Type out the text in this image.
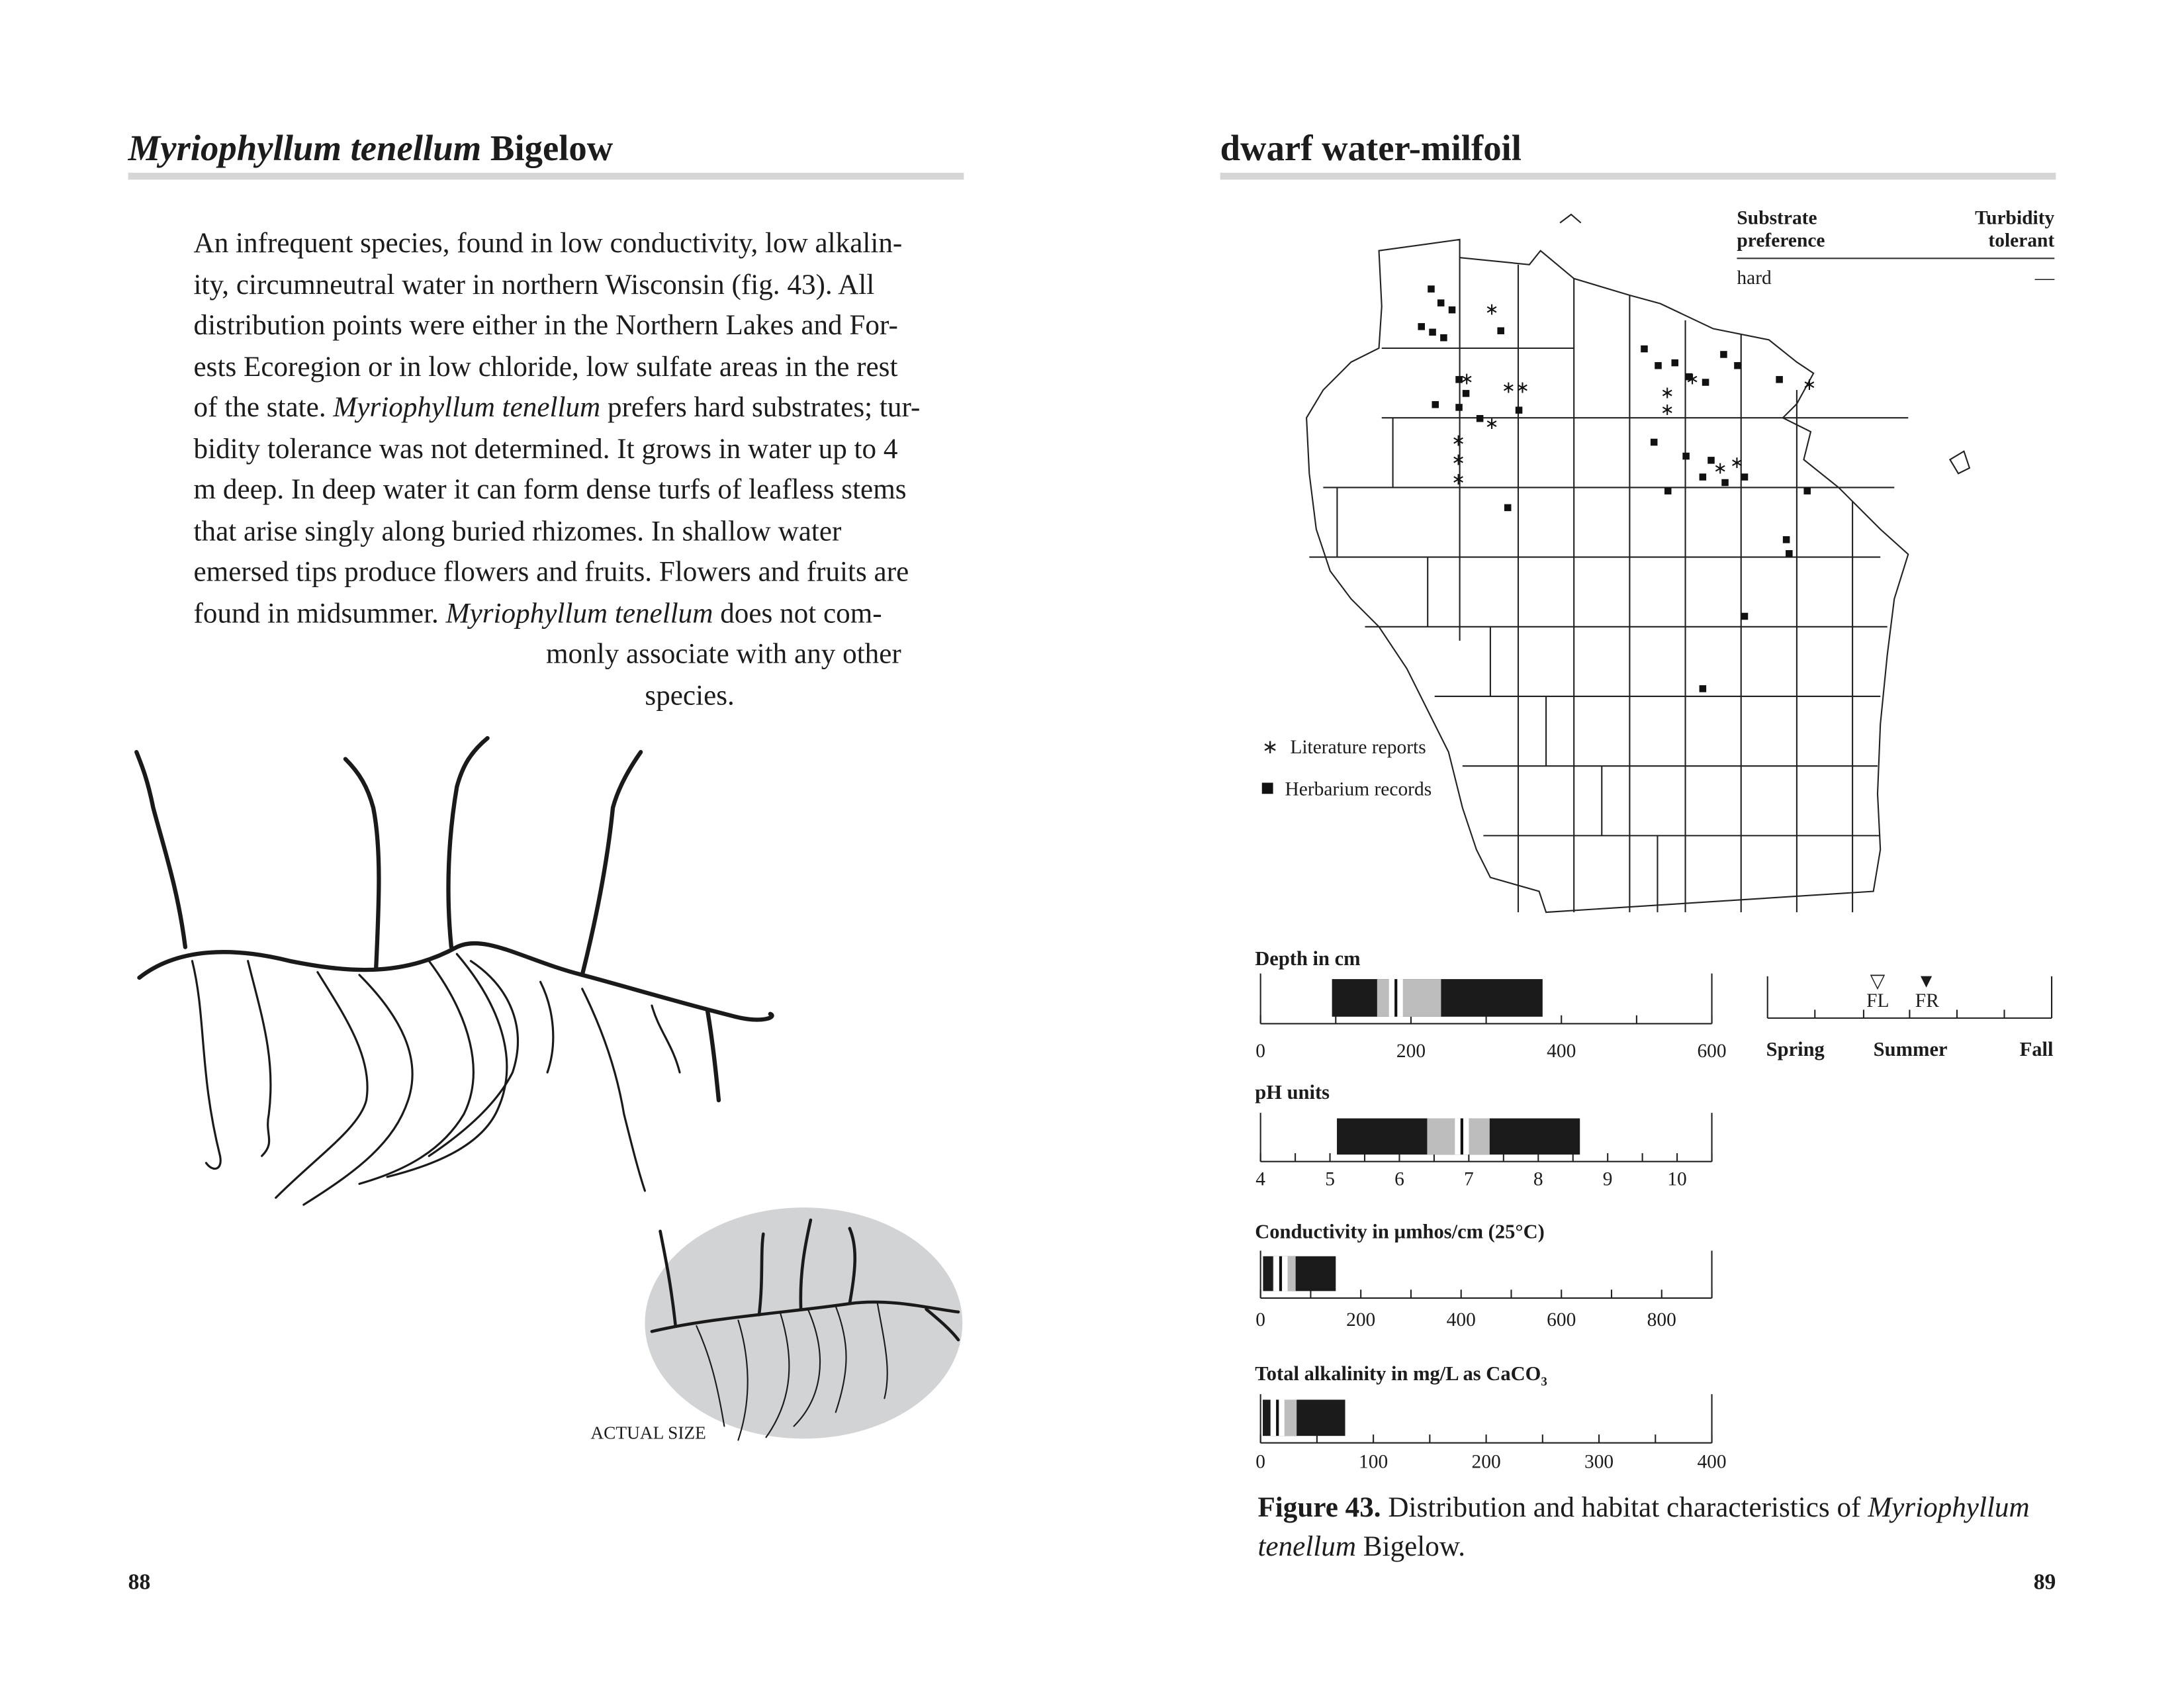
Myriophyllum tenellum Bigelow
An infrequent species, found in low conductivity, low alkalin-
ity, circumneutral water in northern Wisconsin (fig. 43). All
distribution points were either in the Northern Lakes and For-
ests Ecoregion or in low chloride, low sulfate areas in the rest
of the state. Myriophyllum tenellum prefers hard substrates; tur-
bidity tolerance was not determined. It grows in water up to 4
m deep. In deep water it can form dense turfs of leafless stems
that arise singly along buried rhizomes. In shallow water
emersed tips produce flowers and fruits. Flowers and fruits are
found in midsummer. Myriophyllum tenellum does not com-
monly associate with any other
species.
ACTUAL SIZE
88
dwarf water-milfoil
Substrate
preference
Turbidity
tolerant
hard	—
∗
∗	∗∗
∗
∗
∗
∗
∗
∗
∗	∗
∗ ∗
∗ Literature reports
Herbarium records
Depth in cm
0	200	400	600
pH units
4	5	6	7	8	9	10
Conductivity in µmhos/cm (25°C)
0	200	400	600	800
Total alkalinity in mg/L as CaCO$_3$
0	100	200	300	400
▽
FL
▼
FR
Spring	Summer	Fall
Figure 43. Distribution and habitat characteristics of Myriophyllum
tenellum Bigelow.
89
